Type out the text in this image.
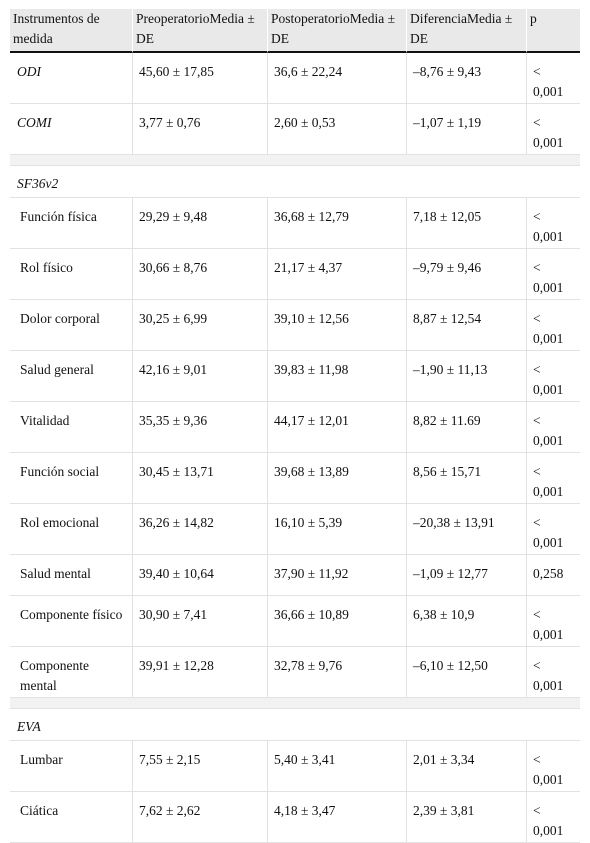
Instrumentos de medida	PreoperatorioMedia ± DE	PostoperatorioMedia ± DE	DiferenciaMedia ± DE	p
ODI	45,60 ± 17,85	36,6 ± 22,24	–8,76 ± 9,43	< 0,001
COMI	3,77 ± 0,76	2,60 ± 0,53	–1,07 ± 1,19	< 0,001

SF36v2				
Función física	29,29 ± 9,48	36,68 ± 12,79	7,18 ± 12,05	< 0,001
Rol físico	30,66 ± 8,76	21,17 ± 4,37	–9,79 ± 9,46	< 0,001
Dolor corporal	30,25 ± 6,99	39,10 ± 12,56	8,87 ± 12,54	< 0,001
Salud general	42,16 ± 9,01	39,83 ± 11,98	–1,90 ± 11,13	< 0,001
Vitalidad	35,35 ± 9,36	44,17 ± 12,01	8,82 ± 11.69	< 0,001
Función social	30,45 ± 13,71	39,68 ± 13,89	8,56 ± 15,71	< 0,001
Rol emocional	36,26 ± 14,82	16,10 ± 5,39	–20,38 ± 13,91	< 0,001
Salud mental	39,40 ± 10,64	37,90 ± 11,92	–1,09 ± 12,77	0,258
Componente físico	30,90 ± 7,41	36,66 ± 10,89	6,38 ± 10,9	< 0,001
Componente mental	39,91 ± 12,28	32,78 ± 9,76	–6,10 ± 12,50	< 0,001

EVA				
Lumbar	7,55 ± 2,15	5,40 ± 3,41	2,01 ± 3,34	< 0,001
Ciática	7,62 ± 2,62	4,18 ± 3,47	2,39 ± 3,81	< 0,001
